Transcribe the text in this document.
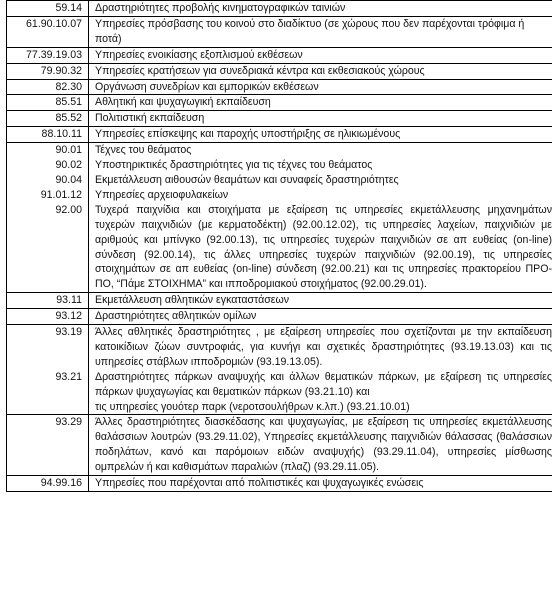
59.14	Δραστηριότητες προβολής κινηματογραφικών ταινιών

61.90.10.07	Υπηρεσίες πρόσβασης του κοινού στο διαδίκτυο (σε χώρους που δεν παρέχονται τρόφιμα ή ποτά)

77.39.19.03	Υπηρεσίες ενοικίασης εξοπλισμού εκθέσεων

79.90.32	Υπηρεσίες κρατήσεων για συνεδριακά κέντρα και εκθεσιακούς χώρους

82.30	Οργάνωση συνεδρίων και εμπορικών εκθέσεων

85.51	Αθλητική και ψυχαγωγική εκπαίδευση

85.52	Πολιτιστική εκπαίδευση

88.10.11	Υπηρεσίες επίσκεψης και παροχής υποστήριξης σε ηλικιωμένους

90.01	Τέχνες του θεάματος

90.02	Υποστηρικτικές δραστηριότητες για τις τέχνες του θεάματος

90.04	Εκμετάλλευση αιθουσών θεαμάτων και συναφείς δραστηριότητες

91.01.12	Υπηρεσίες αρχειοφυλακείων

92.00	Τυχερά παιχνίδια και στοιχήματα με εξαίρεση τις υπηρεσίες εκμετάλλευσης μηχανημάτων τυχερών παιχνιδιών (με κερματοδέκτη) (92.00.12.02), τις υπηρεσίες λαχείων, παιχνιδιών με αριθμούς και μπίνγκο (92.00.13), τις υπηρεσίες τυχερών παιχνιδιών σε απ ευθείας (on-line) σύνδεση (92.00.14), τις άλλες υπηρεσίες τυχερών παιχνιδιών (92.00.19), τις υπηρεσίες στοιχημάτων σε απ ευθείας (on-line) σύνδεση (92.00.21) και τις υπηρεσίες πρακτορείου ΠΡΟ-ΠΟ, “Πάμε ΣΤΟΙΧΗΜΑ” και ιπποδρομιακού στοιχήματος (92.00.29.01).

93.11	Εκμετάλλευση αθλητικών εγκαταστάσεων

93.12	Δραστηριότητες αθλητικών ομίλων

93.19	Άλλες αθλητικές δραστηριότητες , με εξαίρεση υπηρεσίες που σχετίζονται με την εκπαίδευση κατοικίδιων ζώων συντροφιάς, για κυνήγι και σχετικές δραστηριότητες (93.19.13.03) και τις υπηρεσίες στάβλων ιπποδρομιών (93.19.13.05).

93.21	Δραστηριότητες πάρκων αναψυχής και άλλων θεματικών πάρκων, με εξαίρεση τις υπηρεσίες πάρκων ψυχαγωγίας και θεματικών πάρκων (93.21.10) και
τις υπηρεσίες γουότερ παρκ (νεροτσουλήθρων κ.λπ.) (93.21.10.01)

93.29	Άλλες δραστηριότητες διασκέδασης και ψυχαγωγίας, με εξαίρεση τις υπηρεσίες εκμετάλλευσης θαλάσσιων λουτρών (93.29.11.02), Υπηρεσίες εκμετάλλευσης παιχνιδιών θάλασσας (θαλάσσιων ποδηλάτων, κανό και παρόμοιων ειδών αναψυχής) (93.29.11.04), υπηρεσίες μίσθωσης ομπρελών ή και καθισμάτων παραλιών (πλαζ) (93.29.11.05).

94.99.16	Υπηρεσίες που παρέχονται από πολιτιστικές και ψυχαγωγικές ενώσεις
